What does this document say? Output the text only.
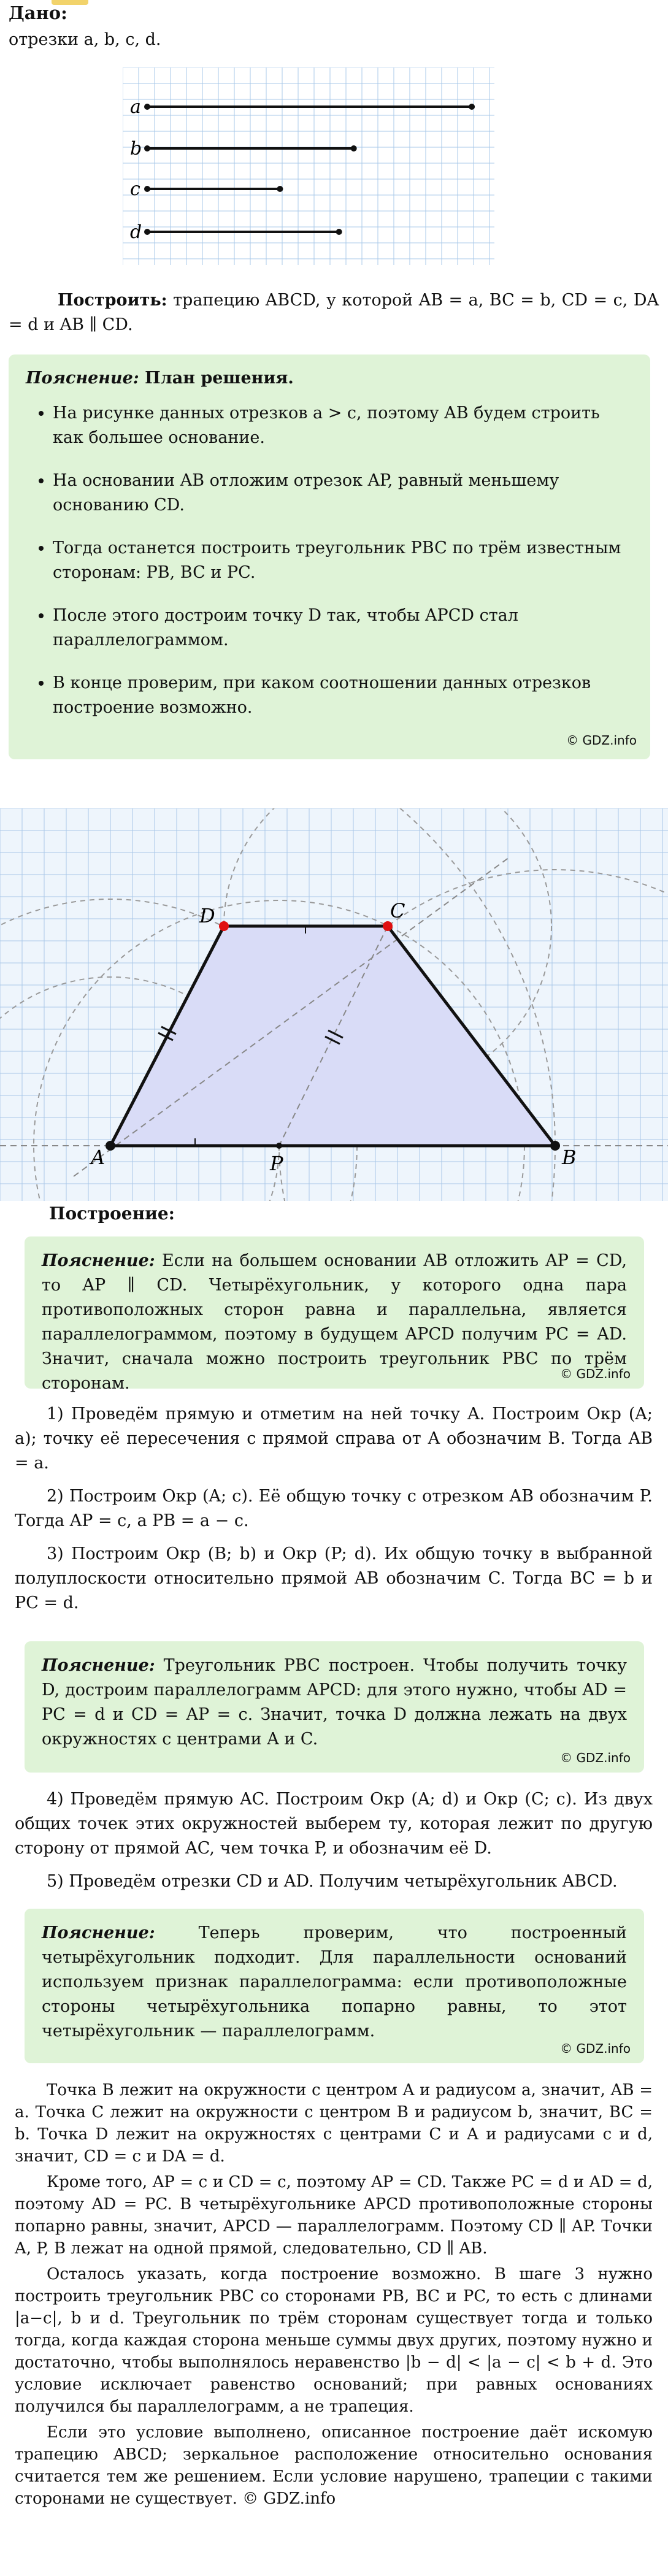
Дано:
отрезки a, b, c, d.
a
b
c
d

Построить: трапецию ABCD, у которой AB = a, BC = b, CD = c, DA = d и AB ∥ CD.

Пояснение: План решения.
• На рисунке данных отрезков a > c, поэтому AB будем строить как большее основание.
• На основании AB отложим отрезок AP, равный меньшему основанию CD.
• Тогда останется построить треугольник PBC по трём известным сторонам: PB, BC и PC.
• После этого достроим точку D так, чтобы APCD стал параллелограммом.
• В конце проверим, при каком соотношении данных отрезков построение возможно.
© GDZ.info
A	B
P
D	C
Построение:
Пояснение: Если на большем основании AB отложить AP = CD, то AP ∥ CD. Четырёхугольник, у которого одна пара противоположных сторон равна и параллельна, является параллелограммом, поэтому в будущем APCD получим PC = AD. Значит, сначала можно построить треугольник PBC по трём сторонам.	© GDZ.info

1) Проведём прямую и отметим на ней точку A. Построим Окр (A; a); точку её пересечения с прямой справа от A обозначим B. Тогда AB = a.

2) Построим Окр (A; c). Её общую точку с отрезком AB обозначим P. Тогда AP = c, а PB = a − c.

3) Построим Окр (B; b) и Окр (P; d). Их общую точку в выбранной полуплоскости относительно прямой AB обозначим C. Тогда BC = b и PC = d.

Пояснение: Треугольник PBC построен. Чтобы получить точку D, достроим параллелограмм APCD: для этого нужно, чтобы AD = PC = d и CD = AP = c. Значит, точка D должна лежать на двух окружностях с центрами A и C.
© GDZ.info

4) Проведём прямую AC. Построим Окр (A; d) и Окр (C; c). Из двух общих точек этих окружностей выберем ту, которая лежит по другую сторону от прямой AC, чем точка P, и обозначим её D.

5) Проведём отрезки CD и AD. Получим четырёхугольник ABCD.

Пояснение: Теперь проверим, что построенный четырёхугольник подходит. Для параллельности оснований используем признак параллелограмма: если противоположные стороны четырёхугольника попарно равны, то этот четырёхугольник — параллелограмм.
© GDZ.info

Точка B лежит на окружности с центром A и радиусом a, значит, AB = a. Точка C лежит на окружности с центром B и радиусом b, значит, BC = b. Точка D лежит на окружностях с центрами C и A и радиусами c и d, значит, CD = c и DA = d.

Кроме того, AP = c и CD = c, поэтому AP = CD. Также PC = d и AD = d, поэтому AD = PC. В четырёхугольнике APCD противоположные стороны попарно равны, значит, APCD — параллелограмм. Поэтому CD ∥ AP. Точки A, P, B лежат на одной прямой, следовательно, CD ∥ AB.

Осталось указать, когда построение возможно. В шаге 3 нужно построить треугольник PBC со сторонами PB, BC и PC, то есть с длинами |a−c|, b и d. Треугольник по трём сторонам существует тогда и только тогда, когда каждая сторона меньше суммы двух других, поэтому нужно и достаточно, чтобы выполнялось неравенство |b − d| < |a − c| < b + d. Это условие исключает равенство оснований; при равных основаниях получился бы параллелограмм, а не трапеция.

Если это условие выполнено, описанное построение даёт искомую трапецию ABCD; зеркальное расположение относительно основания считается тем же решением. Если условие нарушено, трапеции с такими сторонами не существует. © GDZ.info
